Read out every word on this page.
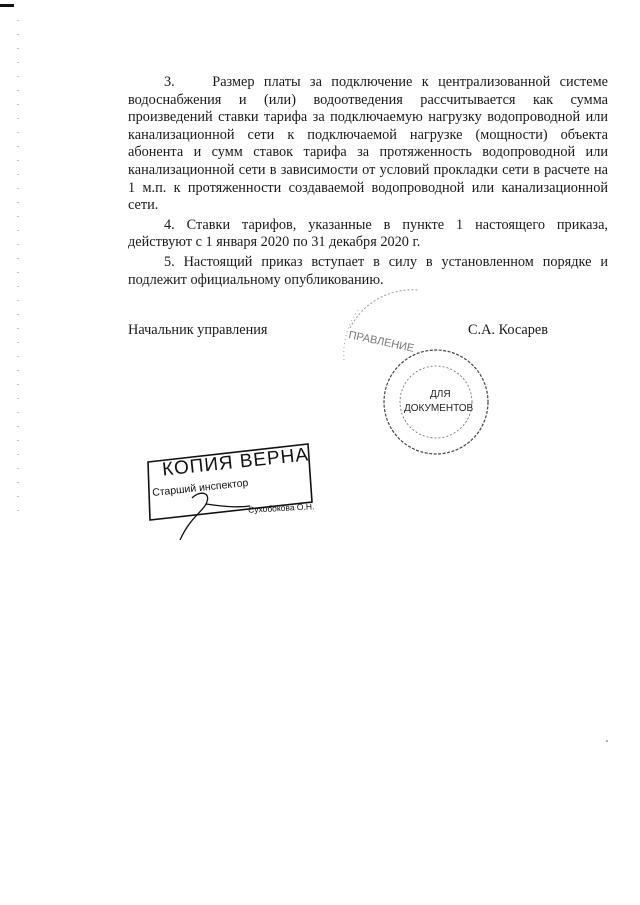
3.    Размер платы за подключение к централизованной системе водоснабжения и (или) водоотведения рассчитывается как сумма произведений ставки тарифа за подключаемую нагрузку водопроводной или канализационной сети к подключаемой нагрузке (мощности) объекта абонента и сумм ставок тарифа за протяженность водопроводной или канализационной сети в зависимости от условий прокладки сети в расчете на 1 м.п. к протяженности создаваемой водопроводной или канализационной сети.

4. Ставки тарифов, указанные в пункте 1 настоящего приказа, действуют с 1 января 2020 по 31 декабря 2020 г.

5. Настоящий приказ вступает в силу в установленном порядке и подлежит официальному опубликованию.

Начальник управления	С.А. Косарев
ПРАВЛЕНИЕ
ДЛЯ
ДОКУМЕНТОВ
КОПИЯ ВЕРНА
Старший инспектор
Сухобокова О.Н.
